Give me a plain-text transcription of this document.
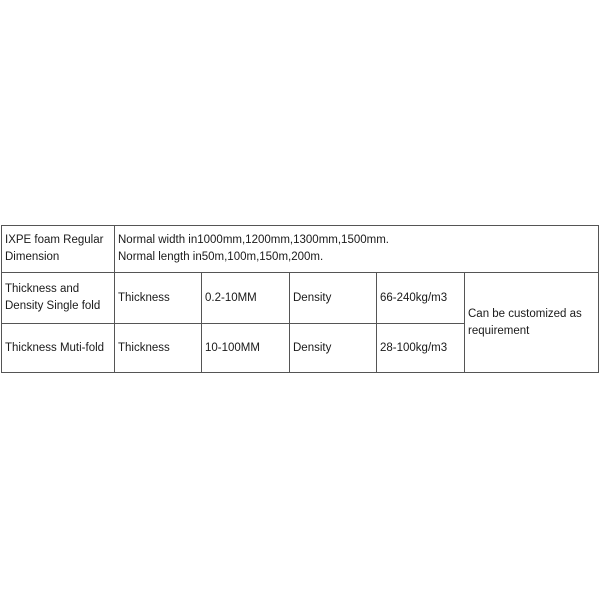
IXPE foam Regular
Dimension	Normal width in1000mm,1200mm,1300mm,1500mm.
Normal length in50m,100m,150m,200m.				

Thickness and
Density Single fold	Thickness	0.2-10MM	Density	66-240kg/m3	Can be customized as
requirement

Thickness Muti-fold	Thickness	10-100MM	Density	28-100kg/m3	
